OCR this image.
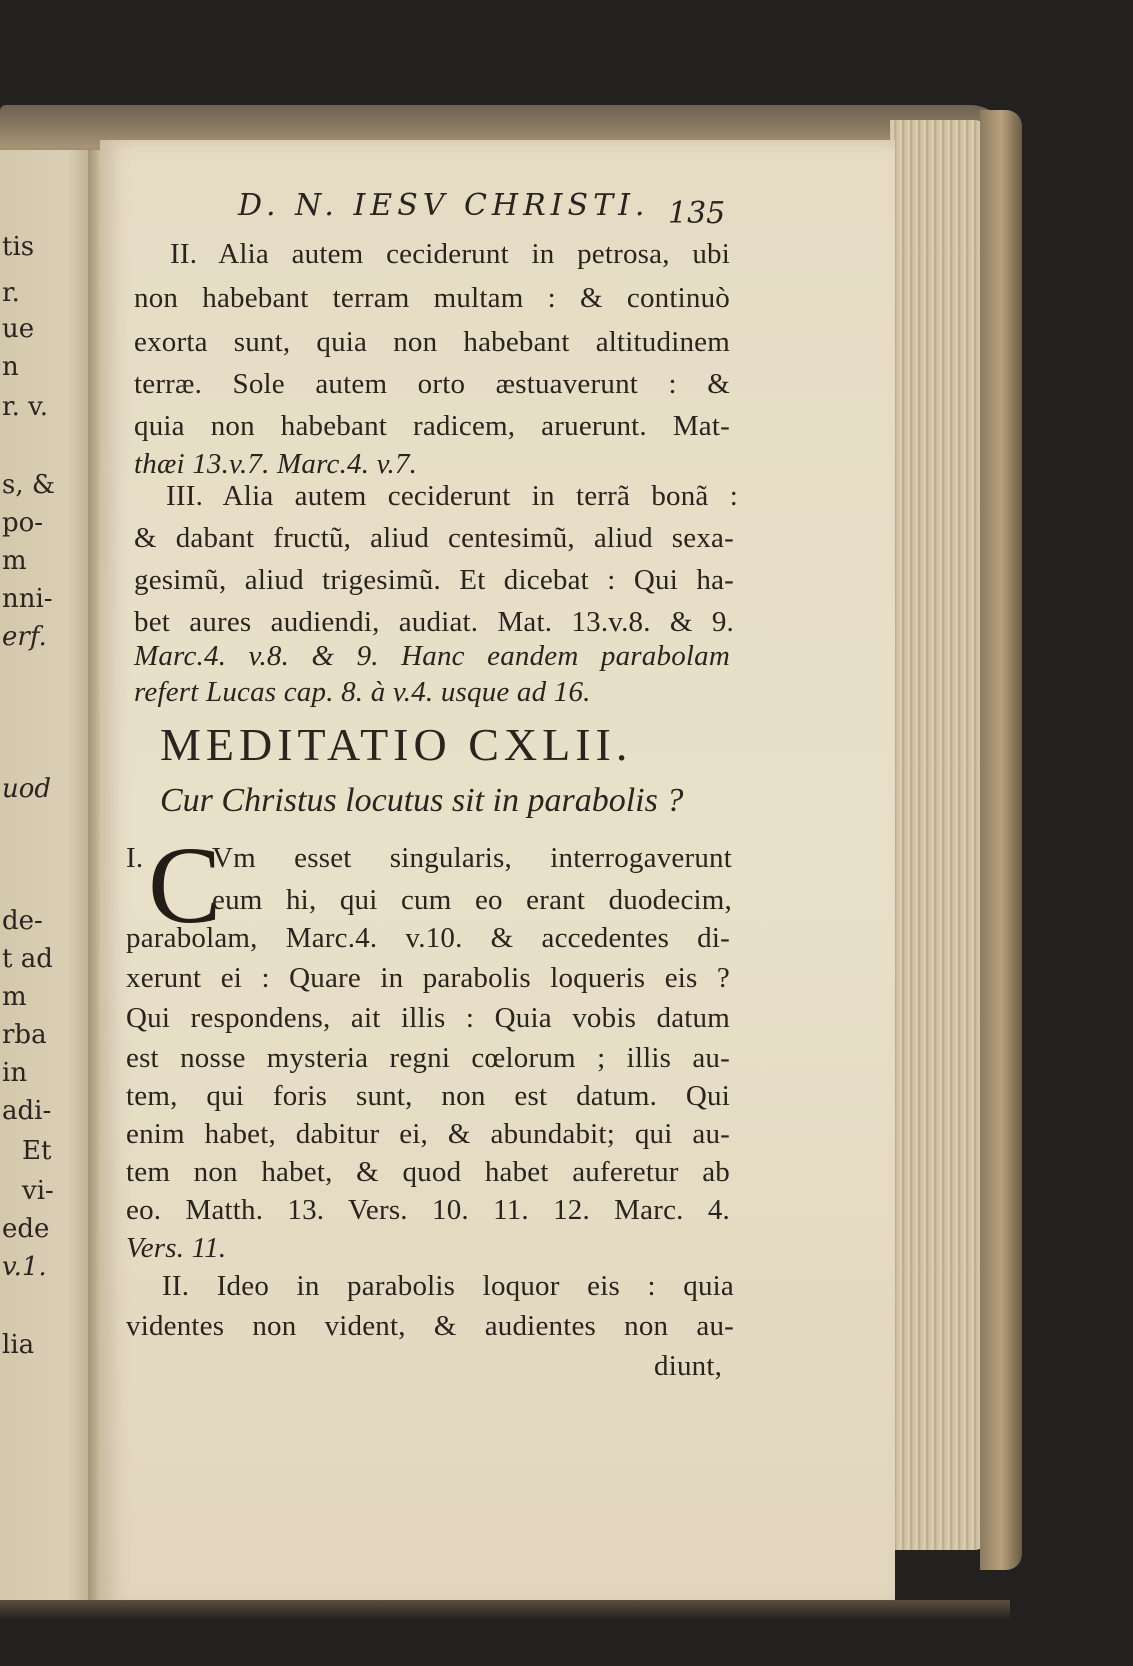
tis
r.
ue
n
r. v.
s, &
po-
m
nni-
erf.
uod
de-
t ad
m
rba
in
adi-
Et
vi-
ede
v.1.
lia
D. N. IESV CHRISTI. 135
II. Alia autem ceciderunt in petrosa, ubi
non habebant terram multam : & continuò
exorta sunt, quia non habebant altitudinem
terræ. Sole autem orto æstuaverunt : &
quia non habebant radicem, aruerunt. Mat-
thæi 13.v.7. Marc.4. v.7.
III. Alia autem ceciderunt in terrã bonã :
& dabant fructũ, aliud centesimũ, aliud sexa-
gesimũ, aliud trigesimũ. Et dicebat : Qui ha-
bet aures audiendi, audiat. Mat. 13.v.8. & 9.
Marc.4. v.8. & 9. Hanc eandem parabolam
refert Lucas cap. 8. à v.4. usque ad 16.
MEDITATIO CXLII.
Cur Christus locutus sit in parabolis ?
I. C
Vm esset singularis, interrogaverunt
eum hi, qui cum eo erant duodecim,
parabolam, Marc.4. v.10. & accedentes di-
xerunt ei : Quare in parabolis loqueris eis ?
Qui respondens, ait illis : Quia vobis datum
est nosse mysteria regni cœlorum ; illis au-
tem, qui foris sunt, non est datum. Qui
enim habet, dabitur ei, & abundabit; qui au-
tem non habet, & quod habet auferetur ab
eo. Matth. 13. Vers. 10. 11. 12. Marc. 4.
Vers. 11.
II. Ideo in parabolis loquor eis : quia
videntes non vident, & audientes non au-
diunt,
